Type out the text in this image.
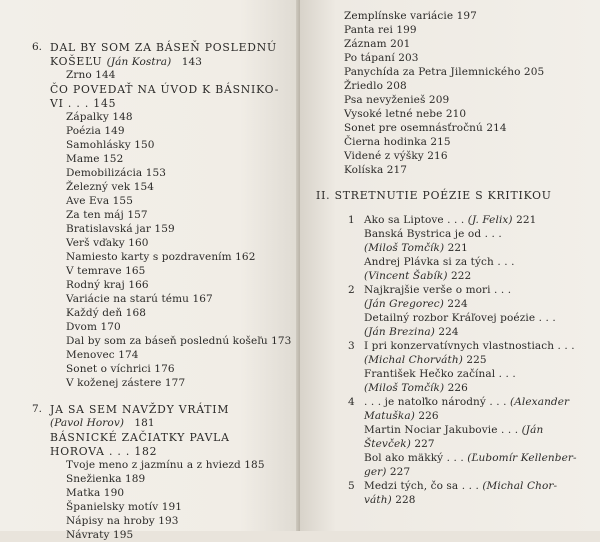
6. DAL BY SOM ZA BÁSEŇ POSLEDNÚ
KOŠEĽU (Ján Kostra) 143
Zrno 144
ČO POVEDAŤ NA ÚVOD K BÁSNIKO-
VI . . . 145
Zápalky 148
Poézia 149
Samohlásky 150
Mame 152
Demobilizácia 153
Železný vek 154
Ave Eva 155
Za ten máj 157
Bratislavská jar 159
Verš vďaky 160
Namiesto karty s pozdravením 162
V temrave 165
Rodný kraj 166
Variácie na starú tému 167
Každý deň 168
Dvom 170
Dal by som za báseň poslednú košeľu 173
Menovec 174
Sonet o víchrici 176
V koženej zástere 177
7. JA SA SEM NAVŽDY VRÁTIM
(Pavol Horov) 181
BÁSNICKÉ ZAČIATKY PAVLA
HOROVA . . . 182
Tvoje meno z jazmínu a z hviezd 185
Snežienka 189
Matka 190
Španielsky motív 191
Nápisy na hroby 193
Návraty 195
Zemplínske variácie 197
Panta rei 199
Záznam 201
Po tápaní 203
Panychída za Petra Jilemnického 205
Žriedlo 208
Psa nevyženieš 209
Vysoké letné nebe 210
Sonet pre osemnásťročnú 214
Čierna hodinka 215
Videné z výšky 216
Kolíska 217
II. STRETNUTIE POÉZIE S KRITIKOU
1 Ako sa Liptove . . . (J. Felix) 221
Banská Bystrica je od . . .
(Miloš Tomčík) 221
Andrej Plávka si za tých . . .
(Vincent Šabík) 222
2 Najkrajšie verše o mori . . .
(Ján Gregorec) 224
Detailný rozbor Kráľovej poézie . . .
(Ján Brezina) 224
3 I pri konzervatívnych vlastnostiach . . .
(Michal Chorváth) 225
František Hečko začínal . . .
(Miloš Tomčík) 226
4 . . . je natoľko národný . . . (Alexander
Matuška) 226
Martin Nociar Jakubovie . . . (Ján
Števček) 227
Bol ako mäkký . . . (Ľubomír Kellenber-
ger) 227
5 Medzi tých, čo sa . . . (Michal Chor-
váth) 228
